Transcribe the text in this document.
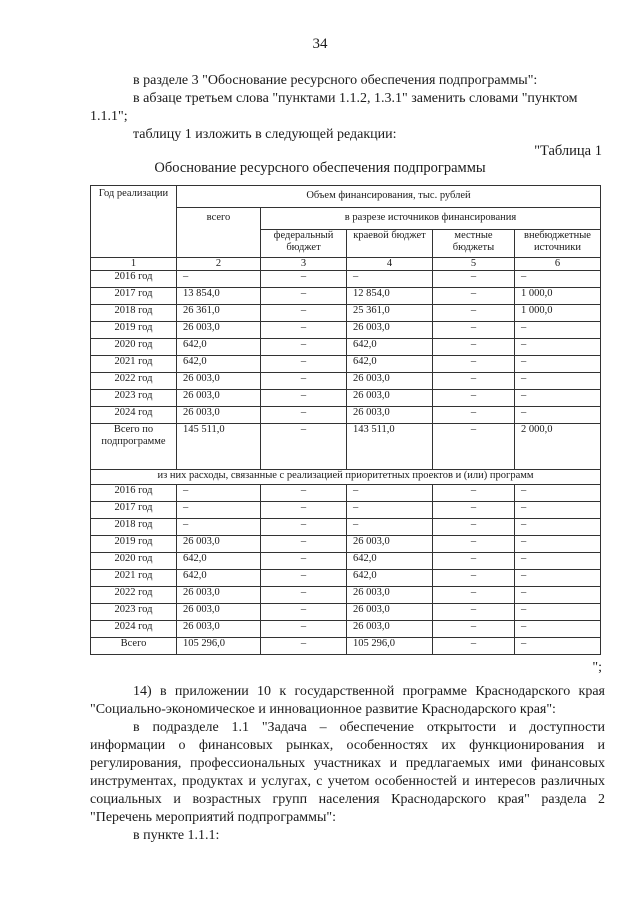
34
в разделе 3 "Обоснование ресурсного обеспечения подпрограммы":
в абзаце третьем слова "пунктами 1.1.2, 1.3.1" заменить словами "пунктом
1.1.1";
таблицу 1 изложить в следующей редакции:
"Таблица 1
Обоснование ресурсного обеспечения подпрограммы
Год реализации	Объем финансирования, тыс. рублей				
	всего	в разрезе источников финансирования			
		федеральный бюджет	краевой бюджет	местные бюджеты	внебюджетные источники
1	2	3	4	5	6
2016 год	–	–	–	–	–
2017 год	13 854,0	–	12 854,0	–	1 000,0
2018 год	26 361,0	–	25 361,0	–	1 000,0
2019 год	26 003,0	–	26 003,0	–	–
2020 год	642,0	–	642,0	–	–
2021 год	642,0	–	642,0	–	–
2022 год	26 003,0	–	26 003,0	–	–
2023 год	26 003,0	–	26 003,0	–	–
2024 год	26 003,0	–	26 003,0	–	–
Всего по подпрограмме	145 511,0	–	143 511,0	–	2 000,0
из них расходы, связанные с реализацией приоритетных проектов и (или) программ					
2016 год	–	–	–	–	–
2017 год	–	–	–	–	–
2018 год	–	–	–	–	–
2019 год	26 003,0	–	26 003,0	–	–
2020 год	642,0	–	642,0	–	–
2021 год	642,0	–	642,0	–	–
2022 год	26 003,0	–	26 003,0	–	–
2023 год	26 003,0	–	26 003,0	–	–
2024 год	26 003,0	–	26 003,0	–	–
Всего	105 296,0	–	105 296,0	–	–
";
14) в приложении 10 к государственной программе Краснодарского края "Социально-экономическое и инновационное развитие Краснодарского края":
в подразделе 1.1 "Задача – обеспечение открытости и доступности информации о финансовых рынках, особенностях их функционирования и регулирования, профессиональных участниках и предлагаемых ими финансовых инструментах, продуктах и услугах, с учетом особенностей и интересов различных социальных и возрастных групп населения Краснодарского края" раздела 2 "Перечень мероприятий подпрограммы":
в пункте 1.1.1:
